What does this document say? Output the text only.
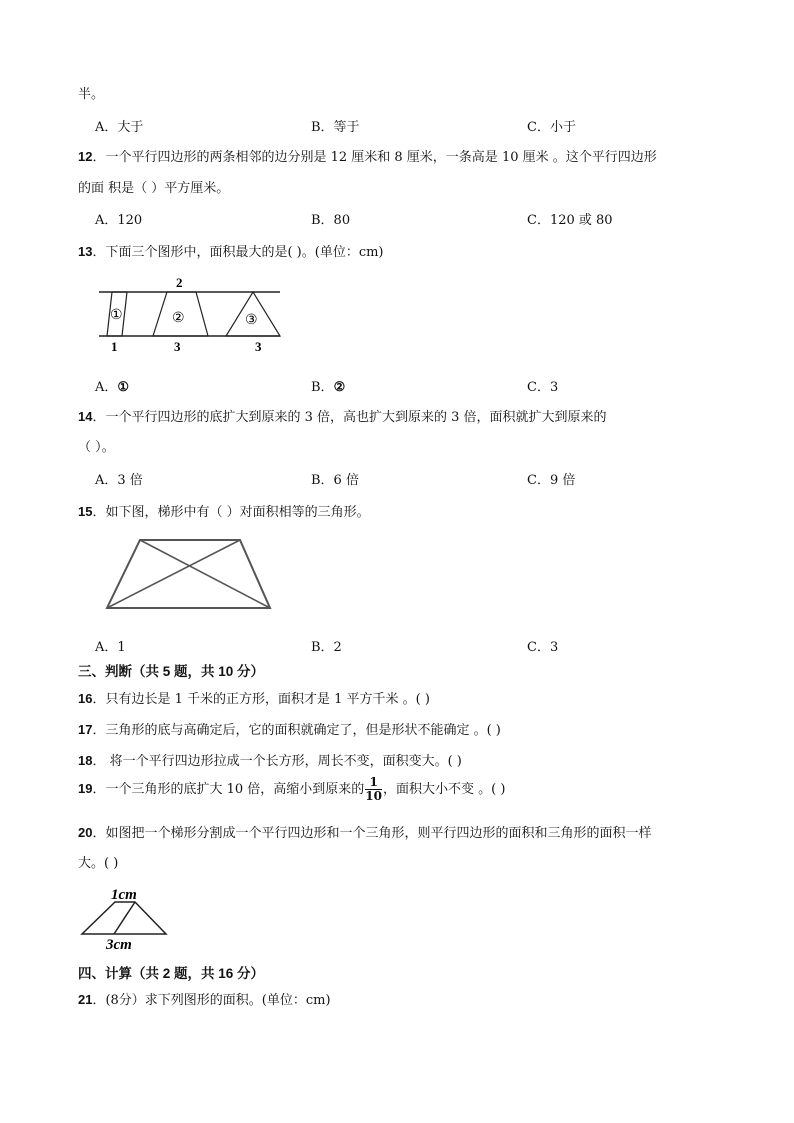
半。
A．大于	B．等于	C．小于
12．一个平行四边形的两条相邻的边分别是 12 厘米和 8 厘米，一条高是 10 厘米 。这个平行四边形
的面 积是（ ）平方厘米。
A．120	B．80	C．120 或 80
13．下面三个图形中，面积最大的是( )。(单位：cm)
2
①	②	③
1	3	3
A．①	B．②	C．3
14．一个平行四边形的底扩大到原来的 3 倍，高也扩大到原来的 3 倍，面积就扩大到原来的
（ ）。
A．3 倍	B．6 倍	C．9 倍
15．如下图，梯形中有（ ）对面积相等的三角形。
A．1	B．2	C．3
三、判断（共 5 题，共 10 分）
16．只有边长是 1 千米的正方形，面积才是 1 平方千米 。( )
17．三角形的底与高确定后，它的面积就确定了，但是形状不能确定 。( )
18． 将一个平行四边形拉成一个长方形，周长不变，面积变大。( )
19．一个三角形的底扩大 10 倍，高缩小到原来的 $\frac{1}{10}$ ，面积大小不变 。( )
20．如图把一个梯形分割成一个平行四边形和一个三角形，则平行四边形的面积和三角形的面积一样
大。( )
1cm
3cm
四、计算（共 2 题，共 16 分）
21．(8分）求下列图形的面积。(单位：cm)
